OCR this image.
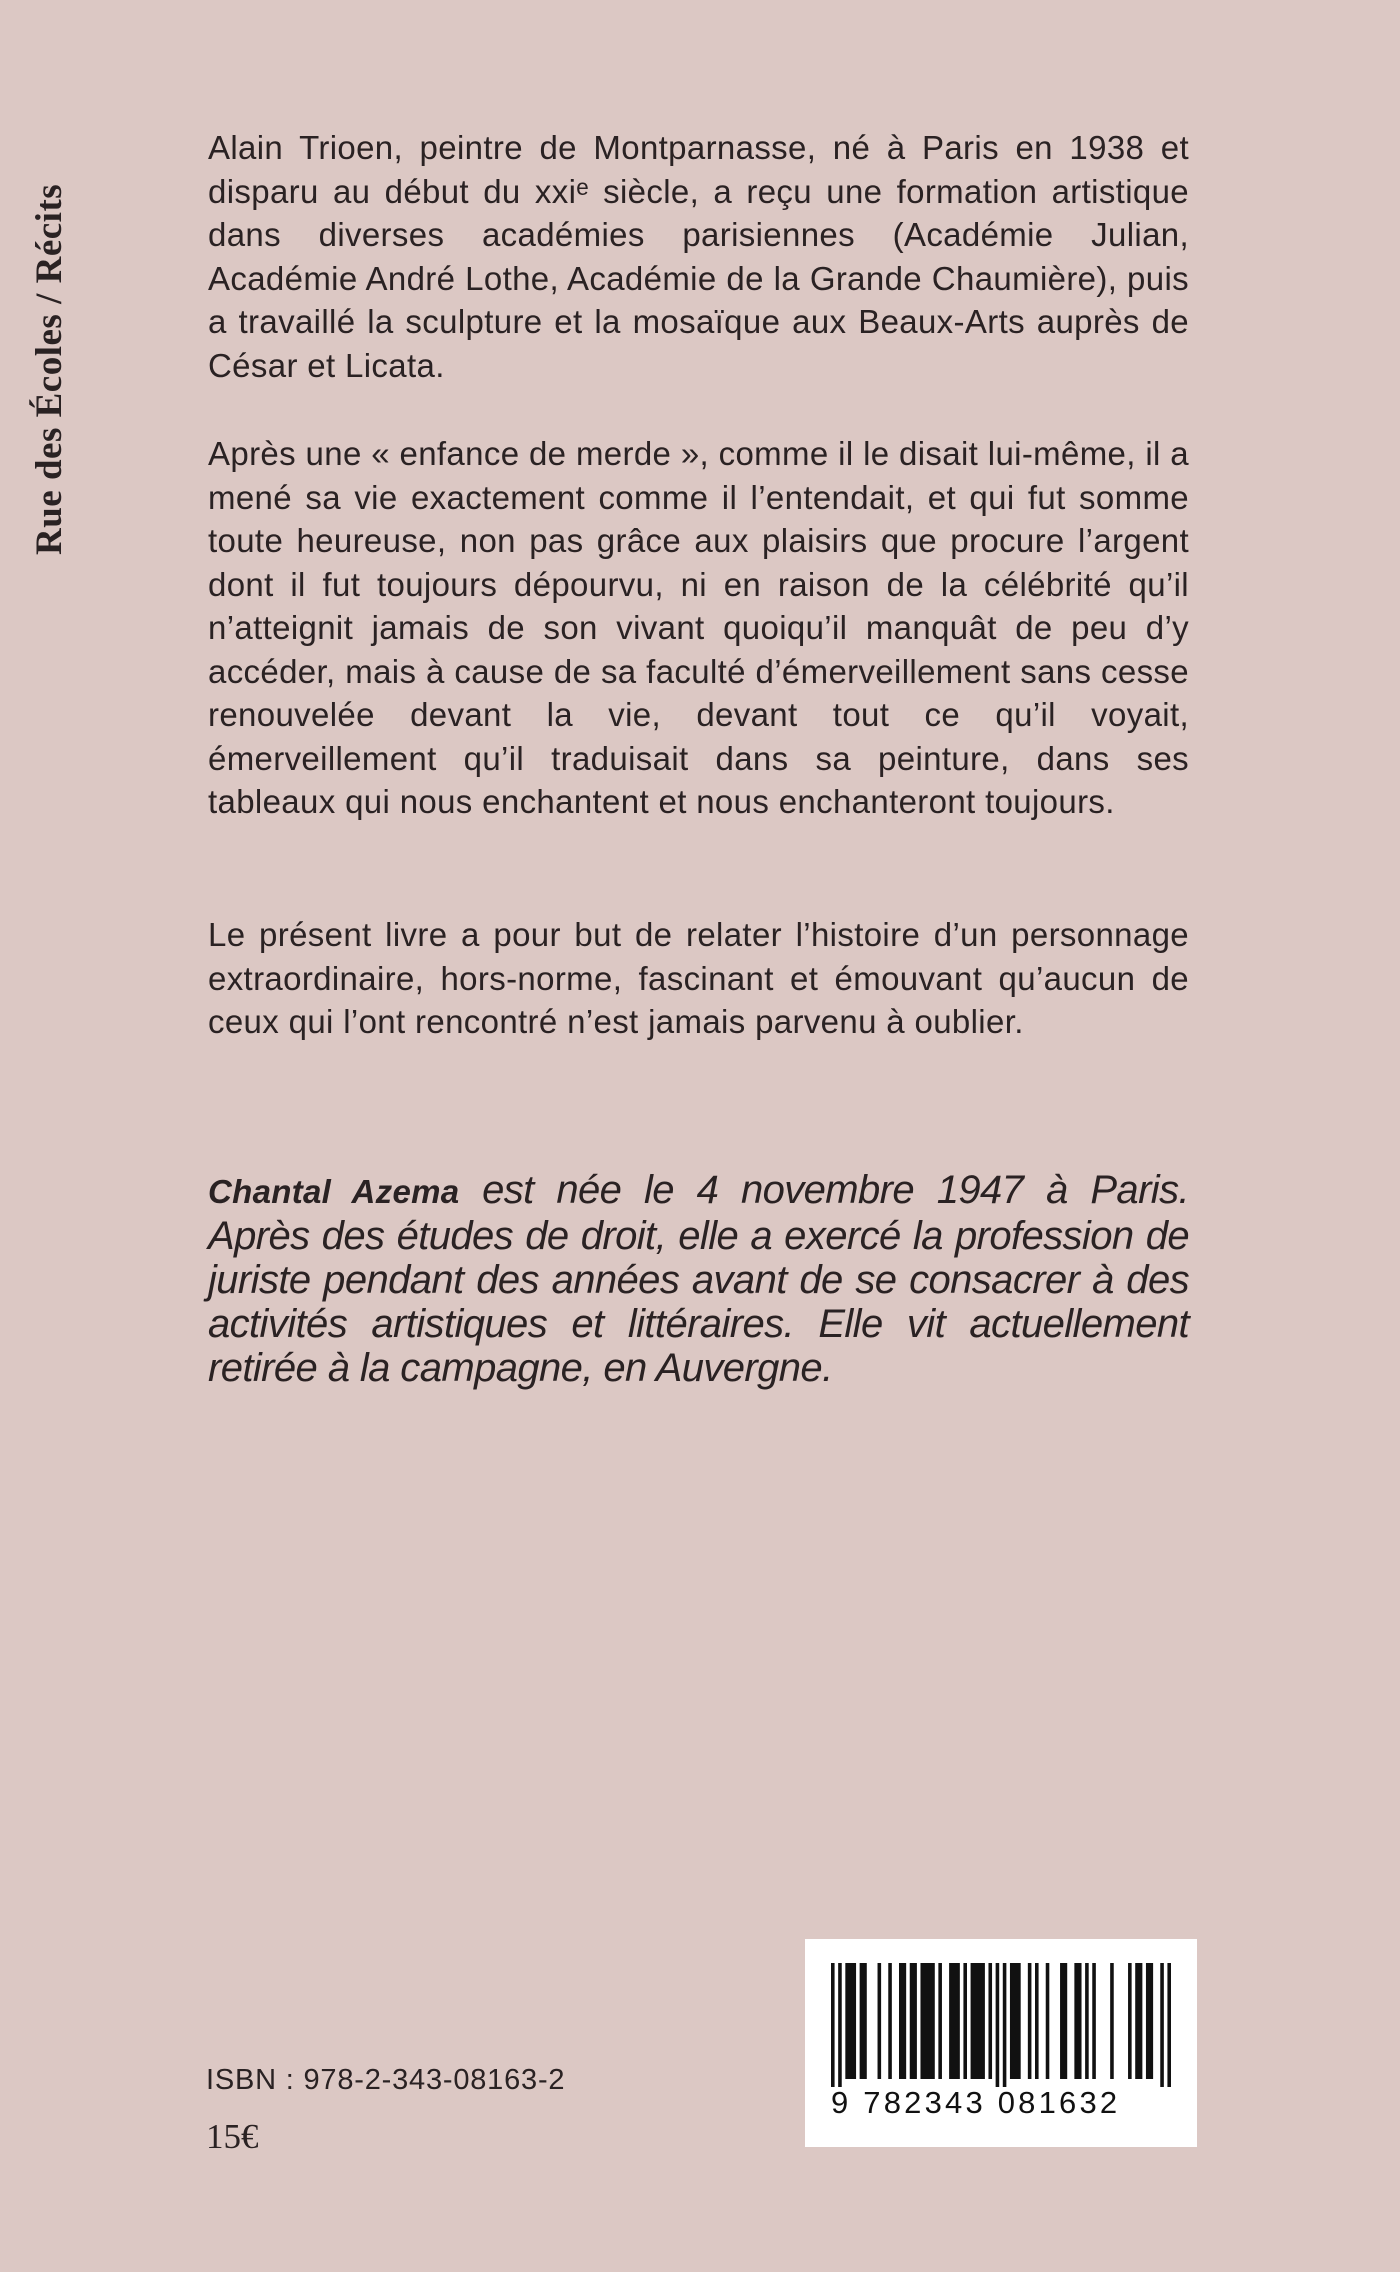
Rue des Écoles / Récits

Alain Trioen, peintre de Montparnasse, né à Paris en 1938 et disparu au début du xxiᵉ siècle, a reçu une formation artistique dans diverses académies parisiennes (Académie Julian, Académie André Lothe, Académie de la Grande Chaumière), puis a travaillé la sculpture et la mosaïque aux Beaux-Arts auprès de César et Licata.

Après une « enfance de merde », comme il le disait lui-même, il a mené sa vie exactement comme il l’entendait, et qui fut somme toute heureuse, non pas grâce aux plaisirs que procure l’argent dont il fut toujours dépourvu, ni en raison de la célébrité qu’il n’atteignit jamais de son vivant quoiqu’il manquât de peu d’y accéder, mais à cause de sa faculté d’émerveillement sans cesse renouvelée devant la vie, devant tout ce qu’il voyait, émerveillement qu’il traduisait dans sa peinture, dans ses tableaux qui nous enchantent et nous enchanteront toujours.

Le présent livre a pour but de relater l’histoire d’un personnage extraordinaire, hors-norme, fascinant et émouvant qu’aucun de ceux qui l’ont rencontré n’est jamais parvenu à oublier.

Chantal Azema est née le 4 novembre 1947 à Paris. Après des études de droit, elle a exercé la profession de juriste pendant des années avant de se consacrer à des activités artistiques et littéraires. Elle vit actuellement retirée à la campagne, en Auvergne.

9 782343 081632
ISBN : 978-2-343-08163-2
15€
